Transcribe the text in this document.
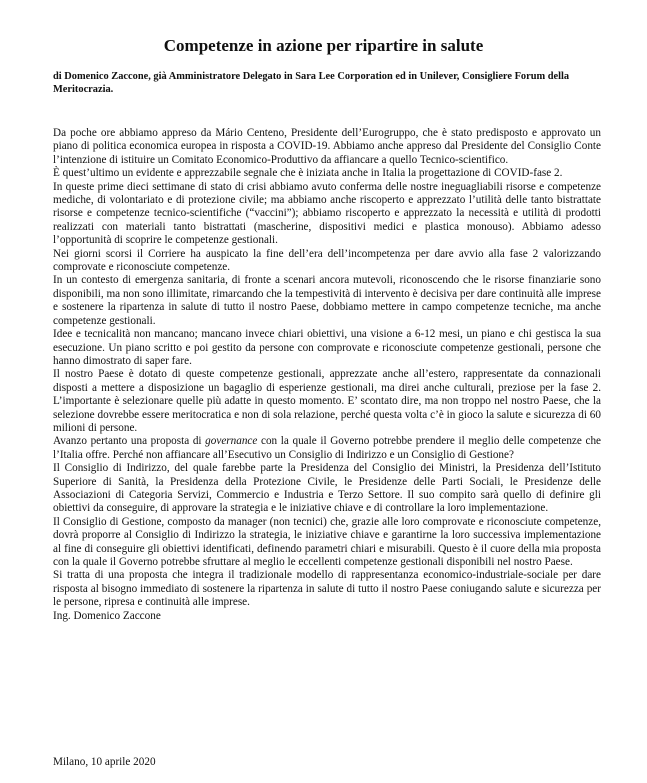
Competenze in azione per ripartire in salute

di Domenico Zaccone, già Amministratore Delegato in Sara Lee Corporation ed in Unilever, Consigliere Forum della Meritocrazia.

Da poche ore abbiamo appreso da Mário Centeno, Presidente dell’Eurogruppo, che è stato predisposto e approvato un piano di politica economica europea in risposta a COVID-19. Abbiamo anche appreso dal Presidente del Consiglio Conte l’intenzione di istituire un Comitato Economico-Produttivo da affiancare a quello Tecnico-scientifico.

È quest’ultimo un evidente e apprezzabile segnale che è iniziata anche in Italia la progettazione di COVID-fase 2.

In queste prime dieci settimane di stato di crisi abbiamo avuto conferma delle nostre ineguagliabili risorse e competenze mediche, di volontariato e di protezione civile; ma abbiamo anche riscoperto e apprezzato l’utilità delle tanto bistrattate risorse e competenze tecnico-scientifiche (“vaccini”); abbiamo riscoperto e apprezzato la necessità e utilità di prodotti realizzati con materiali tanto bistrattati (mascherine, dispositivi medici e plastica monouso). Abbiamo adesso l’opportunità di scoprire le competenze gestionali.

Nei giorni scorsi il Corriere ha auspicato la fine dell’era dell’incompetenza per dare avvio alla fase 2 valorizzando comprovate e riconosciute competenze.

In un contesto di emergenza sanitaria, di fronte a scenari ancora mutevoli, riconoscendo che le risorse finanziarie sono disponibili, ma non sono illimitate, rimarcando che la tempestività di intervento è decisiva per dare continuità alle imprese e sostenere la ripartenza in salute di tutto il nostro Paese, dobbiamo mettere in campo competenze tecniche, ma anche competenze gestionali.

Idee e tecnicalità non mancano; mancano invece chiari obiettivi, una visione a 6-12 mesi, un piano e chi gestisca la sua esecuzione. Un piano scritto e poi gestito da persone con comprovate e riconosciute competenze gestionali, persone che hanno dimostrato di saper fare.

Il nostro Paese è dotato di queste competenze gestionali, apprezzate anche all’estero, rappresentate da connazionali disposti a mettere a disposizione un bagaglio di esperienze gestionali, ma direi anche culturali, preziose per la fase 2. L’importante è selezionare quelle più adatte in questo momento. E’ scontato dire, ma non troppo nel nostro Paese, che la selezione dovrebbe essere meritocratica e non di sola relazione, perché questa volta c’è in gioco la salute e sicurezza di 60 milioni di persone.

Avanzo pertanto una proposta di governance con la quale il Governo potrebbe prendere il meglio delle competenze che l’Italia offre. Perché non affiancare all’Esecutivo un Consiglio di Indirizzo e un Consiglio di Gestione?

Il Consiglio di Indirizzo, del quale farebbe parte la Presidenza del Consiglio dei Ministri, la Presidenza dell’Istituto Superiore di Sanità, la Presidenza della Protezione Civile, le Presidenze delle Parti Sociali, le Presidenze delle Associazioni di Categoria Servizi, Commercio e Industria e Terzo Settore. Il suo compito sarà quello di definire gli obiettivi da conseguire, di approvare la strategia e le iniziative chiave e di controllare la loro implementazione.

Il Consiglio di Gestione, composto da manager (non tecnici) che, grazie alle loro comprovate e riconosciute competenze, dovrà proporre al Consiglio di Indirizzo la strategia, le iniziative chiave e garantirne la loro successiva implementazione al fine di conseguire gli obiettivi identificati, definendo parametri chiari e misurabili. Questo è il cuore della mia proposta con la quale il Governo potrebbe sfruttare al meglio le eccellenti competenze gestionali disponibili nel nostro Paese.

Si tratta di una proposta che integra il tradizionale modello di rappresentanza economico-industriale-sociale per dare risposta al bisogno immediato di sostenere la ripartenza in salute di tutto il nostro Paese coniugando salute e sicurezza per le persone, ripresa e continuità alle imprese.

Ing. Domenico Zaccone

Milano, 10 aprile 2020
